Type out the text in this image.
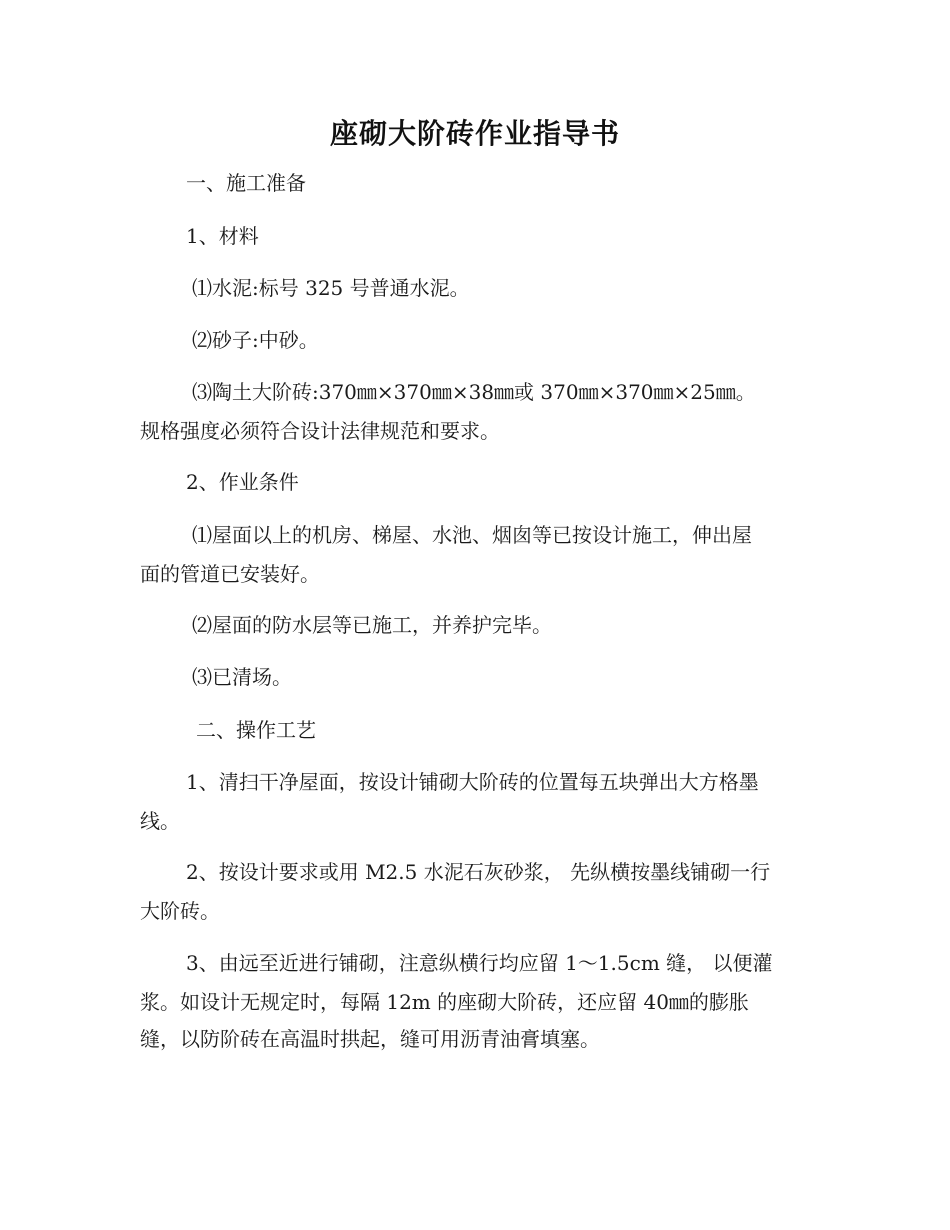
座砌大阶砖作业指导书
一、施工准备
1、材料
⑴水泥:标号 325 号普通水泥。
⑵砂子:中砂。
⑶陶土大阶砖:370㎜×370㎜×38㎜或 370㎜×370㎜×25㎜。
规格强度必须符合设计法律规范和要求。
2、作业条件
⑴屋面以上的机房、梯屋、水池、烟囱等已按设计施工，伸出屋
面的管道已安装好。
⑵屋面的防水层等已施工，并养护完毕。
⑶已清场。
二、操作工艺
1、清扫干净屋面，按设计铺砌大阶砖的位置每五块弹出大方格墨
线。
2、按设计要求或用 M2.5 水泥石灰砂浆， 先纵横按墨线铺砌一行
大阶砖。
3、由远至近进行铺砌，注意纵横行均应留 1～1.5cm 缝， 以便灌
浆。如设计无规定时，每隔 12m 的座砌大阶砖，还应留 40㎜的膨胀
缝，以防阶砖在高温时拱起，缝可用沥青油膏填塞。
